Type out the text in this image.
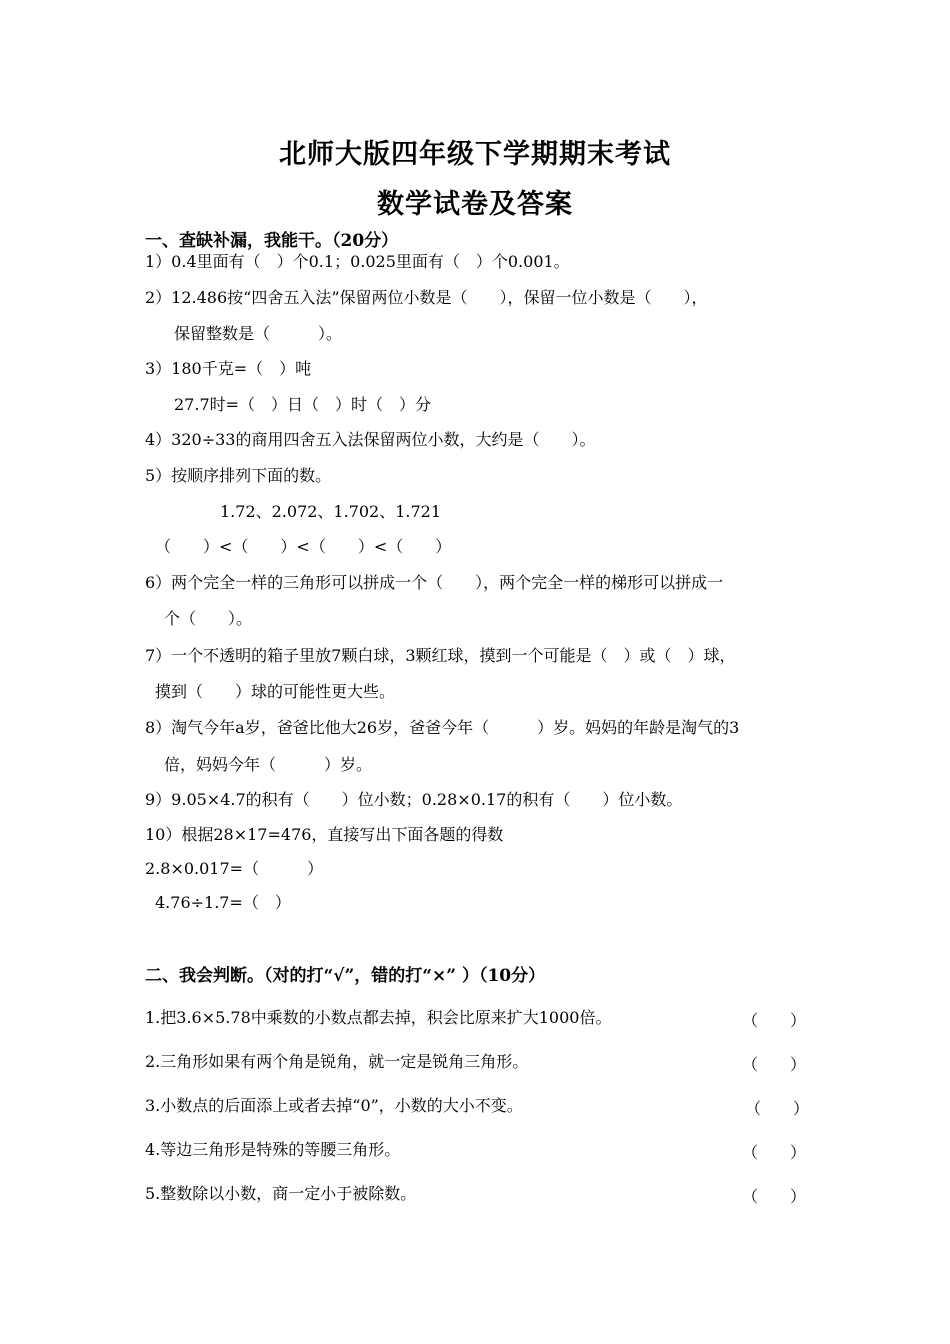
北师大版四年级下学期期末考试
数学试卷及答案
一、查缺补漏，我能干。（20分）
1）0.4里面有（　）个0.1；0.025里面有（　）个0.001。
2）12.486按“四舍五入法”保留两位小数是（　　），保留一位小数是（　　），
保留整数是（　　　）。
3）180千克=（　）吨
27.7时=（　）日（　）时（　）分
4）320÷33的商用四舍五入法保留两位小数，大约是（　　）。
5）按顺序排列下面的数。
1.72、2.072、1.702、1.721
（　　）<（　　）<（　　）<（　　）
6）两个完全一样的三角形可以拼成一个（　　），两个完全一样的梯形可以拼成一
个（　　）。
7）一个不透明的箱子里放7颗白球，3颗红球，摸到一个可能是（　）或（　）球，
摸到（　　）球的可能性更大些。
8）淘气今年a岁，爸爸比他大26岁，爸爸今年（　　　）岁。妈妈的年龄是淘气的3
倍，妈妈今年（　　　）岁。
9）9.05×4.7的积有（　　）位小数；0.28×0.17的积有（　　）位小数。
10）根据28×17=476，直接写出下面各题的得数
2.8×0.017=（　　　）
4.76÷1.7=（　）
二、我会判断。（对的打“√”，错的打“×” ）（10分）
1.把3.6×5.78中乘数的小数点都去掉，积会比原来扩大1000倍。	（　　）
2.三角形如果有两个角是锐角，就一定是锐角三角形。	（　　）
3.小数点的后面添上或者去掉“0”，小数的大小不变。	（　　）
4.等边三角形是特殊的等腰三角形。	（　　）
5.整数除以小数，商一定小于被除数。	（　　）
